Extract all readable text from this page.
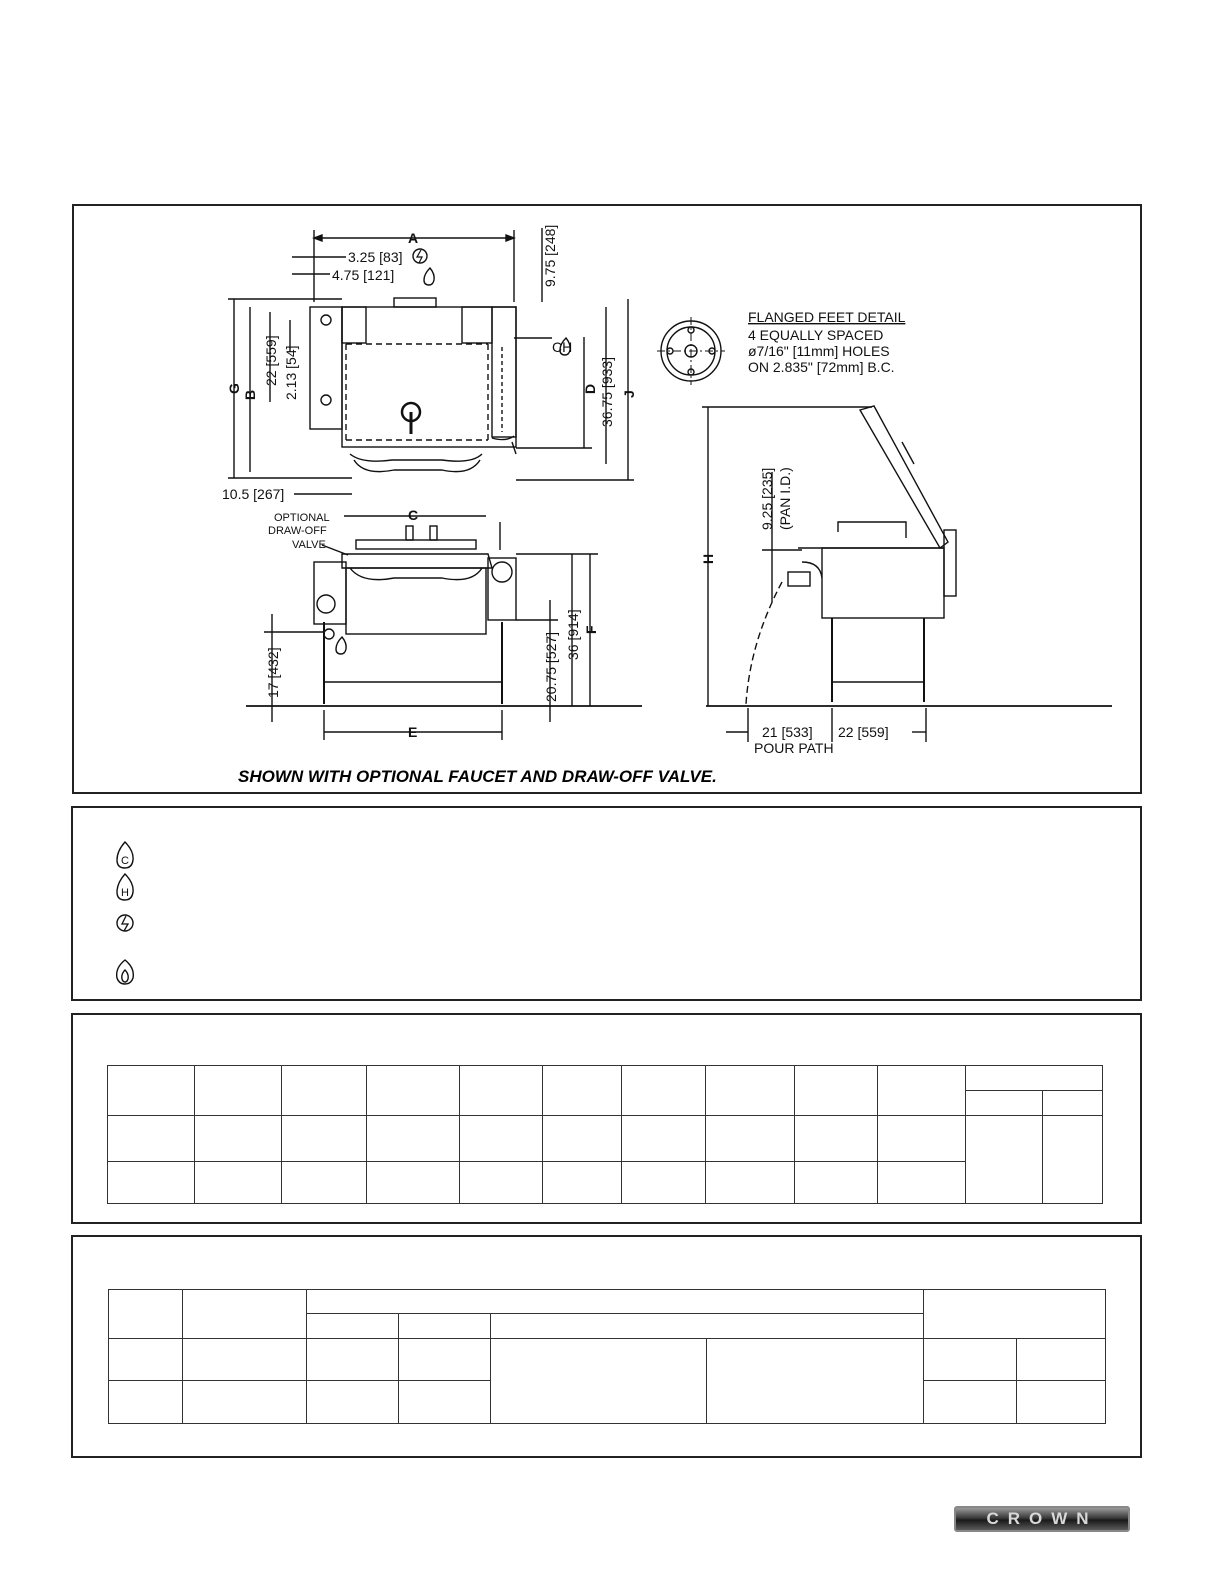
A
3.25 [83]
4.75 [121]	9.75 [248]
CH
G
B
22 [559] 2.13 [54]	D 36.75 [933] J
10.5 [267]
C
OPTIONAL
DRAW-OFF
VALVE
17 [432]	20.75 [527] 36 [914] F
E
SHOWN WITH OPTIONAL FAUCET AND DRAW-OFF VALVE.
FLANGED FEET DETAIL
4 EQUALLY SPACED
ø7/16" [11mm] HOLES
ON 2.835" [72mm] B.C.
H
9.25 [235] (PAN I.D.)
21 [533]
POUR PATH
22 [559]
C
H

CROWN
